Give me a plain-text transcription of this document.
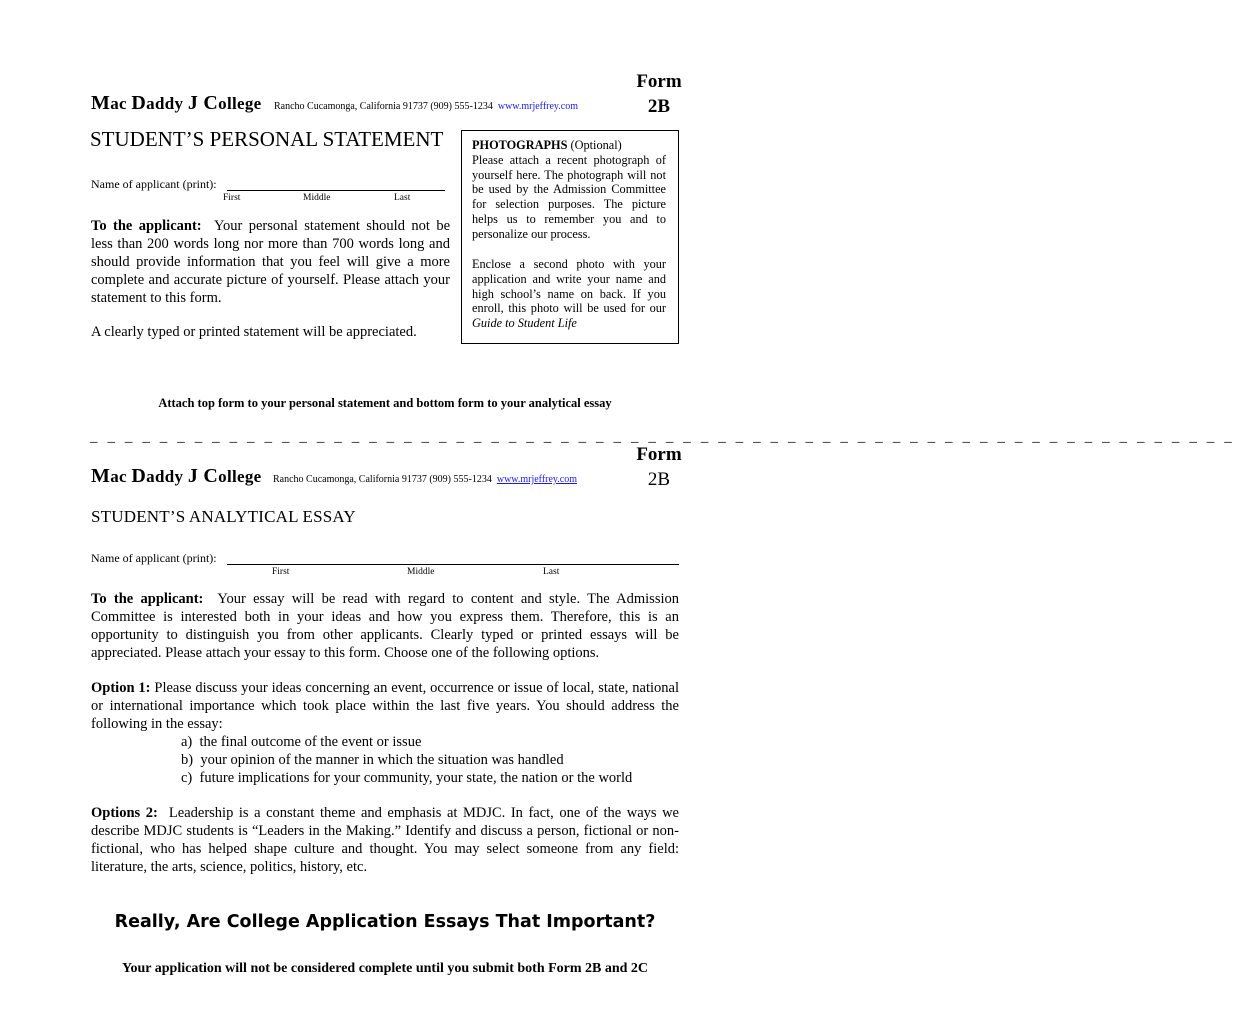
Form
2B
Mac Daddy J College Rancho Cucamonga, California 91737 (909) 555-1234 www.mrjeffrey.com
STUDENT’S PERSONAL STATEMENT
Name of applicant (print):
First	Middle	Last
To the applicant: Your personal statement should not be less than 200 words long nor more than 700 words long and should provide information that you feel will give a more complete and accurate picture of yourself. Please attach your statement to this form.
A clearly typed or printed statement will be appreciated.
PHOTOGRAPHS (Optional)
Please attach a recent photograph of yourself here. The photograph will not be used by the Admission Committee for selection purposes. The picture helps us to remember you and to personalize our process.
Enclose a second photo with your application and write your name and high school’s name on back. If you enroll, this photo will be used for our Guide to Student Life
Attach top form to your personal statement and bottom form to your analytical essay
_ _ _ _ _ _ _ _ _ _ _ _ _ _ _ _ _ _ _ _ _ _ _ _ _ _ _ _ _ _ _ _ _ _ _ _ _ _ _ _ _ _ _ _ _ _ _ _ _ _ _ _ _ _ _ _ _ _ _ _ _ _ _ _ _ _
Form
2B
Mac Daddy J College Rancho Cucamonga, California 91737 (909) 555-1234 www.mrjeffrey.com
STUDENT’S ANALYTICAL ESSAY
Name of applicant (print):
First	Middle	Last
To the applicant: Your essay will be read with regard to content and style. The Admission Committee is interested both in your ideas and how you express them. Therefore, this is an opportunity to distinguish you from other applicants. Clearly typed or printed essays will be appreciated. Please attach your essay to this form. Choose one of the following options.
Option 1: Please discuss your ideas concerning an event, occurrence or issue of local, state, national or international importance which took place within the last five years. You should address the following in the essay:
a) the final outcome of the event or issue
b) your opinion of the manner in which the situation was handled
c) future implications for your community, your state, the nation or the world
Options 2: Leadership is a constant theme and emphasis at MDJC. In fact, one of the ways we describe MDJC students is “Leaders in the Making.” Identify and discuss a person, fictional or non-fictional, who has helped shape culture and thought. You may select someone from any field: literature, the arts, science, politics, history, etc.
Really, Are College Application Essays That Important?
Your application will not be considered complete until you submit both Form 2B and 2C
